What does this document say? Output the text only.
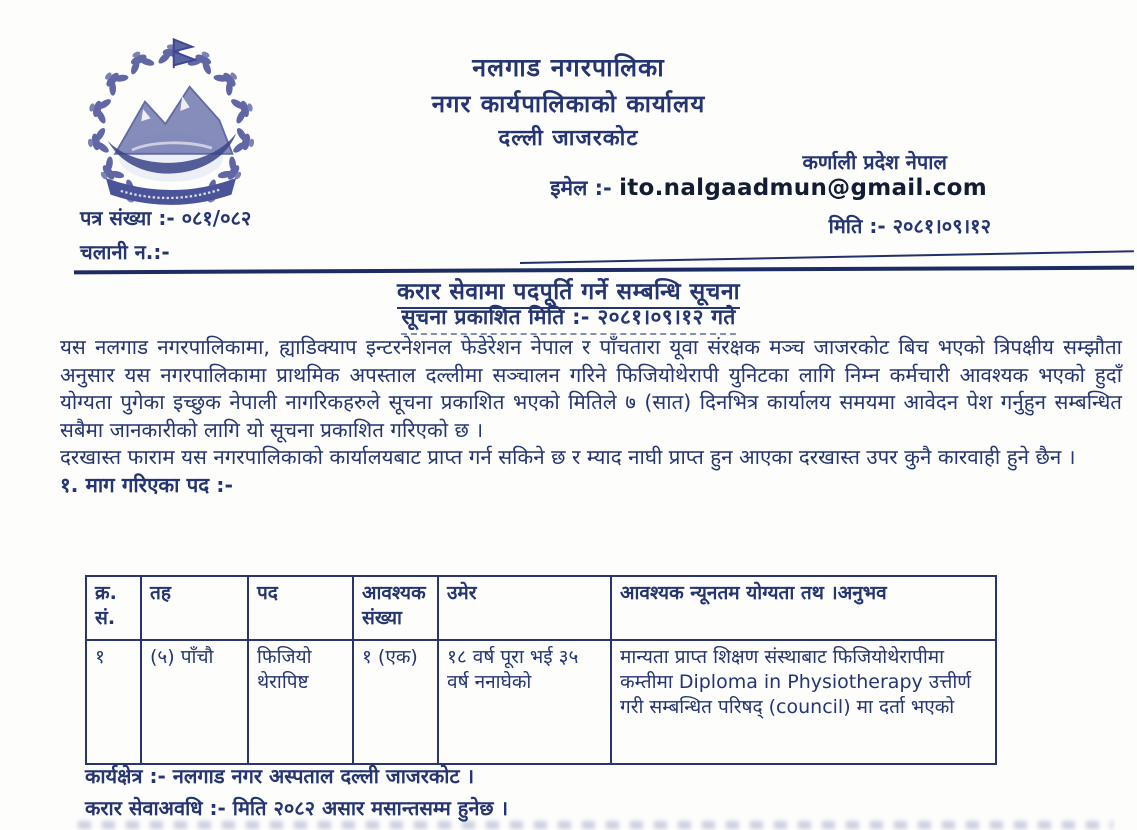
नलगाड नगरपालिका
नगर कार्यपालिकाको कार्यालय
दल्ली जाजरकोट
कर्णाली प्रदेश नेपाल
इमेल :- ito.nalgaadmun@gmail.com
मिति :- २०८१।०९।१२
पत्र संख्या :- ०८१/०८२
चलानी न.:-
करार सेवामा पदपूर्ति गर्ने सम्बन्धि सूचना
सूचना प्रकाशित मिति :- २०८१।०९।१२ गते

यस नलगाड नगरपालिकामा, ह्याडिक्याप इन्टरनेशनल फेडेरेशन नेपाल र पाँचतारा यूवा संरक्षक मञ्च जाजरकोट बिच भएको त्रिपक्षीय सम्झौता अनुसार यस नगरपालिकामा प्राथमिक अपस्ताल दल्लीमा सञ्चालन गरिने फिजियोथेरापी युनिटका लागि निम्न कर्मचारी आवश्यक भएको हुदाँ योग्यता पुगेका इच्छुक नेपाली नागरिकहरुले सूचना प्रकाशित भएको मितिले ७ (सात) दिनभित्र कार्यालय समयमा आवेदन पेश गर्नुहुन सम्बन्धित सबैमा जानकारीको लागि यो सूचना प्रकाशित गरिएको छ ।

दरखास्त फाराम यस नगरपालिकाको कार्यालयबाट प्राप्त गर्न सकिने छ र म्याद नाघी प्राप्त हुन आएका दरखास्त उपर कुनै कारवाही हुने छैन ।

१. माग गरिएका पद :-

क्र. सं.	तह	पद	आवश्यक संख्या	उमेर	आवश्यक न्यूनतम योग्यता तथ ।अनुभव
१	(५) पाँचौ	फिजियो थेरापिष्ट	१ (एक)	१८ वर्ष पूरा भई ३५ वर्ष ननाघेको	मान्यता प्राप्त शिक्षण संस्थाबाट फिजियोथेरापीमा कम्तीमा Diploma in Physiotherapy उत्तीर्ण गरी सम्बन्धित परिषद् (council) मा दर्ता भएको
कार्यक्षेत्र :- नलगाड नगर अस्पताल दल्ली जाजरकोट ।
करार सेवाअवधि :- मिति २०८२ असार मसान्तसम्म हुनेछ ।
